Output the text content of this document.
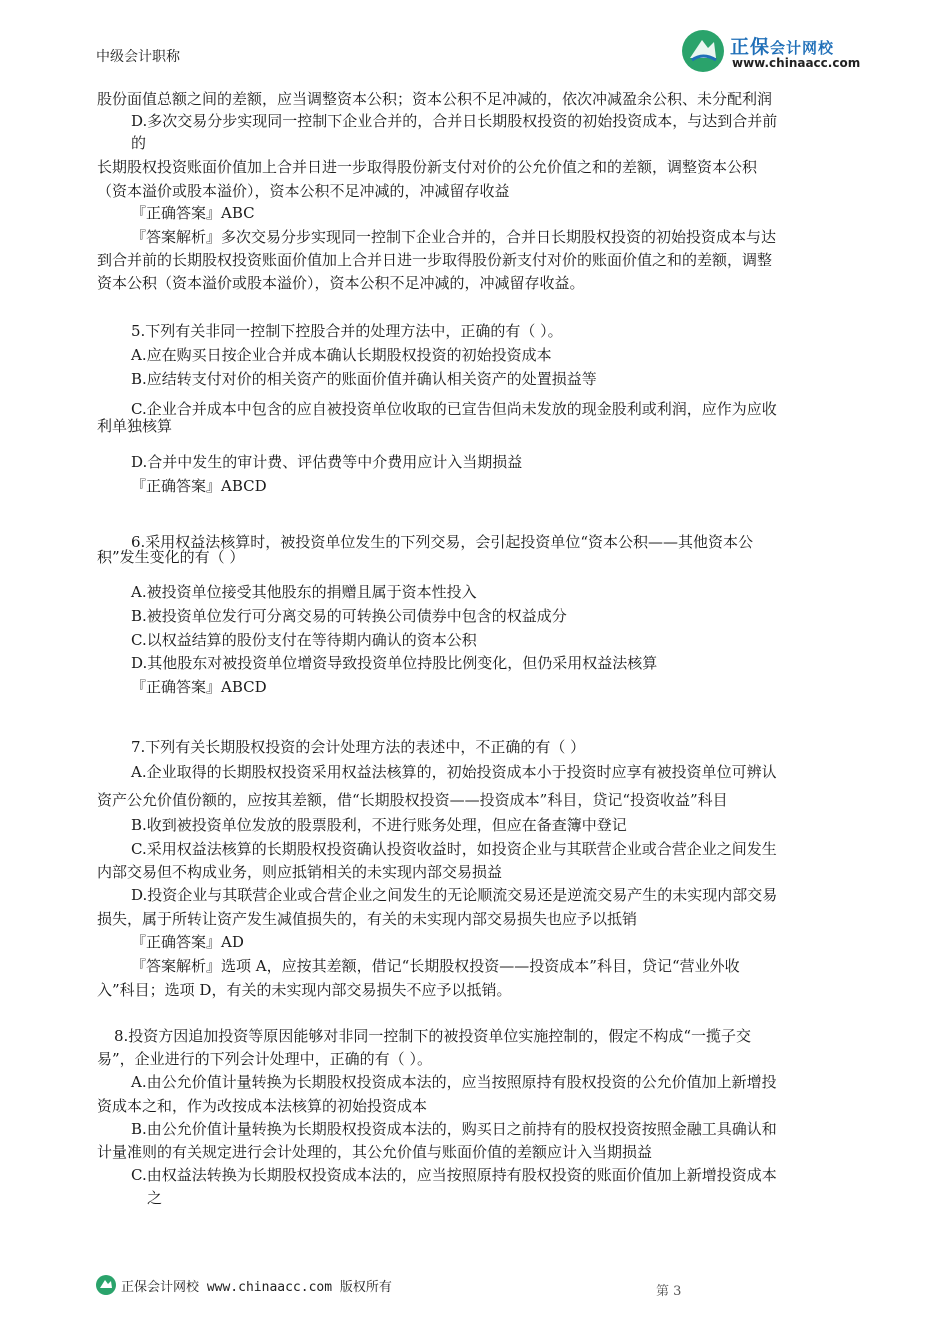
正保会计网校
www.chinaacc.com
中级会计职称
股份面值总额之间的差额，应当调整资本公积；资本公积不足冲减的，依次冲减盈余公积、未分配利润
D.多次交易分步实现同一控制下企业合并的，合并日长期股权投资的初始投资成本，与达到合并前
的
长期股权投资账面价值加上合并日进一步取得股份新支付对价的公允价值之和的差额，调整资本公积
（资本溢价或股本溢价），资本公积不足冲减的，冲减留存收益
『正确答案』ABC
『答案解析』多次交易分步实现同一控制下企业合并的，合并日长期股权投资的初始投资成本与达
到合并前的长期股权投资账面价值加上合并日进一步取得股份新支付对价的账面价值之和的差额，调整
资本公积（资本溢价或股本溢价），资本公积不足冲减的，冲减留存收益。
5.下列有关非同一控制下控股合并的处理方法中，正确的有（ ）。
A.应在购买日按企业合并成本确认长期股权投资的初始投资成本
B.应结转支付对价的相关资产的账面价值并确认相关资产的处置损益等
C.企业合并成本中包含的应自被投资单位收取的已宣告但尚未发放的现金股利或利润，应作为应收
利单独核算
D.合并中发生的审计费、评估费等中介费用应计入当期损益
『正确答案』ABCD
6.采用权益法核算时，被投资单位发生的下列交易，会引起投资单位“资本公积——其他资本公
积”发生变化的有（ ）
A.被投资单位接受其他股东的捐赠且属于资本性投入
B.被投资单位发行可分离交易的可转换公司债券中包含的权益成分
C.以权益结算的股份支付在等待期内确认的资本公积
D.其他股东对被投资单位增资导致投资单位持股比例变化，但仍采用权益法核算
『正确答案』ABCD
7.下列有关长期股权投资的会计处理方法的表述中，不正确的有（ ）
A.企业取得的长期股权投资采用权益法核算的，初始投资成本小于投资时应享有被投资单位可辨认
资产公允价值份额的，应按其差额，借“长期股权投资——投资成本”科目，贷记“投资收益”科目
B.收到被投资单位发放的股票股利，不进行账务处理，但应在备查簿中登记
C.采用权益法核算的长期股权投资确认投资收益时，如投资企业与其联营企业或合营企业之间发生
内部交易但不构成业务，则应抵销相关的未实现内部交易损益
D.投资企业与其联营企业或合营企业之间发生的无论顺流交易还是逆流交易产生的未实现内部交易
损失，属于所转让资产发生减值损失的，有关的未实现内部交易损失也应予以抵销
『正确答案』AD
『答案解析』选项 A，应按其差额，借记“长期股权投资——投资成本”科目，贷记“营业外收
入”科目；选项 D，有关的未实现内部交易损失不应予以抵销。
8.投资方因追加投资等原因能够对非同一控制下的被投资单位实施控制的，假定不构成“一揽子交
易”，企业进行的下列会计处理中，正确的有（ ）。
A.由公允价值计量转换为长期股权投资成本法的，应当按照原持有股权投资的公允价值加上新增投
资成本之和，作为改按成本法核算的初始投资成本
B.由公允价值计量转换为长期股权投资成本法的，购买日之前持有的股权投资按照金融工具确认和
计量准则的有关规定进行会计处理的，其公允价值与账面价值的差额应计入当期损益
C.由权益法转换为长期股权投资成本法的，应当按照原持有股权投资的账面价值加上新增投资成本
之
正保会计网校 www.chinaacc.com 版权所有	第 3
